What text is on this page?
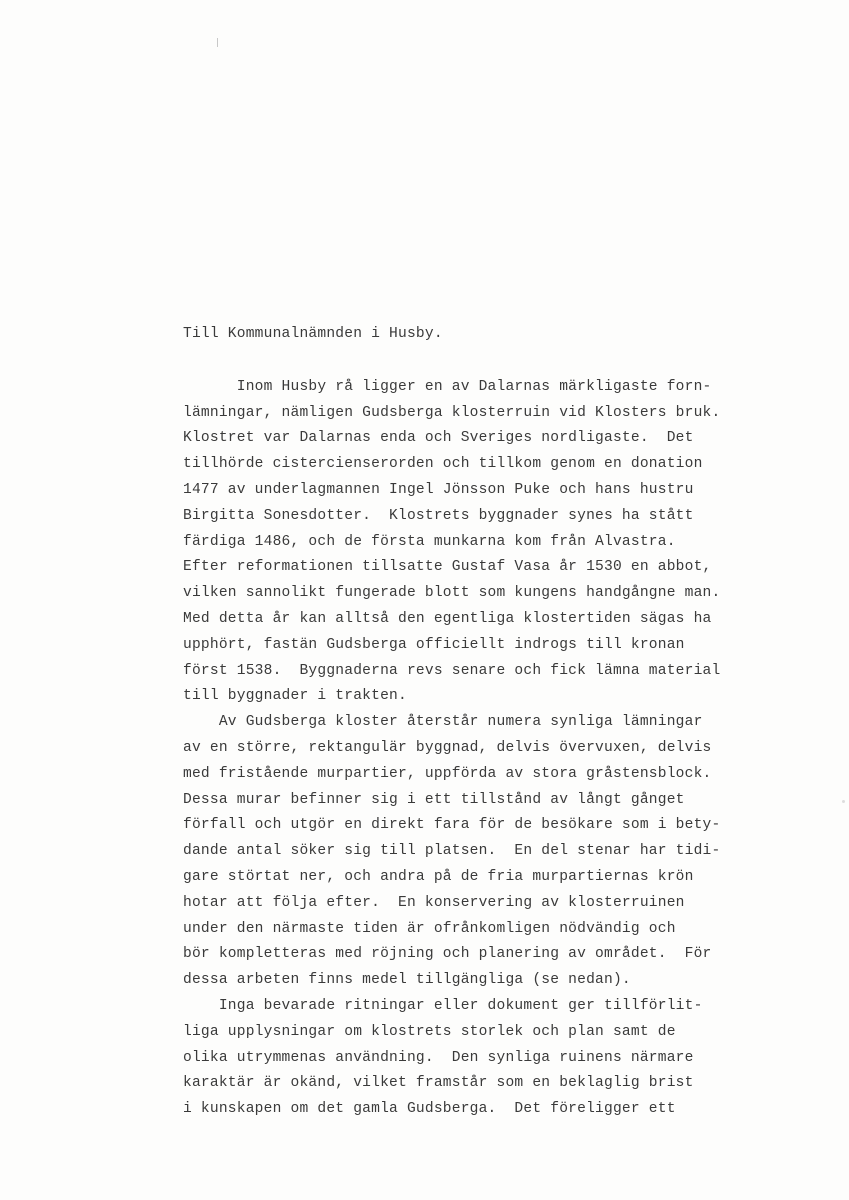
Till Kommunalnämnden i Husby.
Inom Husby rå ligger en av Dalarnas märkligaste forn-
lämningar, nämligen Gudsberga klosterruin vid Klosters bruk.
Klostret var Dalarnas enda och Sveriges nordligaste.  Det
tillhörde cistercienserorden och tillkom genom en donation
1477 av underlagmannen Ingel Jönsson Puke och hans hustru
Birgitta Sonesdotter.  Klostrets byggnader synes ha stått
färdiga 1486, och de första munkarna kom från Alvastra.
Efter reformationen tillsatte Gustaf Vasa år 1530 en abbot,
vilken sannolikt fungerade blott som kungens handgångne man.
Med detta år kan alltså den egentliga klostertiden sägas ha
upphört, fastän Gudsberga officiellt indrogs till kronan
först 1538.  Byggnaderna revs senare och fick lämna material
till byggnader i trakten.
Av Gudsberga kloster återstår numera synliga lämningar
av en större, rektangulär byggnad, delvis övervuxen, delvis
med fristående murpartier, uppförda av stora gråstensblock.
Dessa murar befinner sig i ett tillstånd av långt gånget
förfall och utgör en direkt fara för de besökare som i bety-
dande antal söker sig till platsen.  En del stenar har tidi-
gare störtat ner, och andra på de fria murpartiernas krön
hotar att följa efter.  En konservering av klosterruinen
under den närmaste tiden är ofrånkomligen nödvändig och
bör kompletteras med röjning och planering av området.  För
dessa arbeten finns medel tillgängliga (se nedan).
Inga bevarade ritningar eller dokument ger tillförlit-
liga upplysningar om klostrets storlek och plan samt de
olika utrymmenas användning.  Den synliga ruinens närmare
karaktär är okänd, vilket framstår som en beklaglig brist
i kunskapen om det gamla Gudsberga.  Det föreligger ett
